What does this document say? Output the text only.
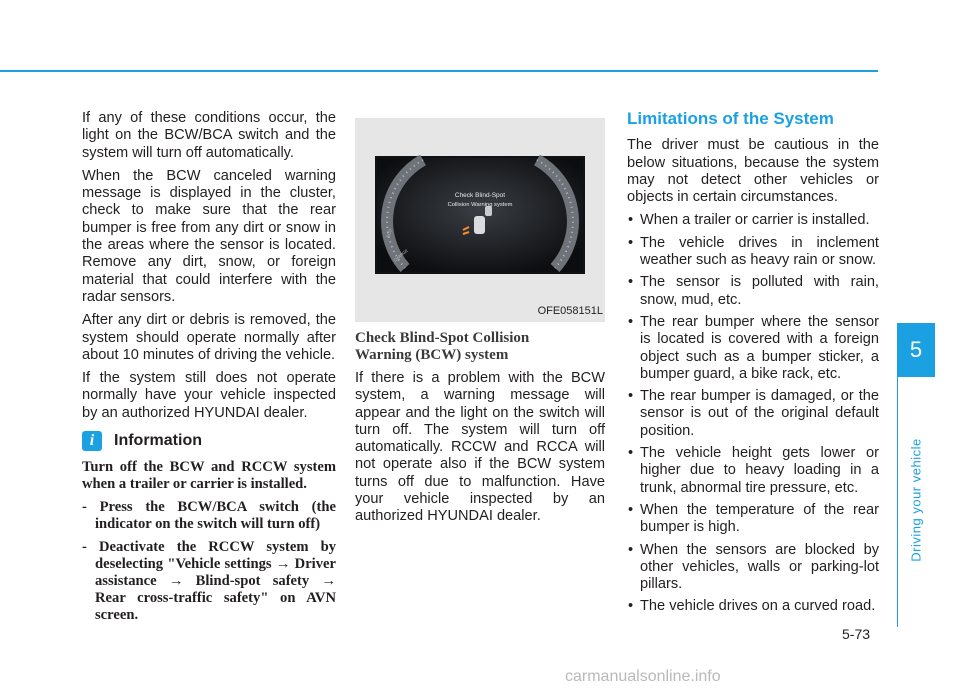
If any of these conditions occur, the light on the BCW/BCA switch and the system will turn off automatically.

When the BCW canceled warning message is displayed in the cluster, check to make sure that the rear bumper is free from any dirt or snow in the areas where the sensor is located. Remove any dirt, snow, or foreign material that could interfere with the radar sensors.

After any dirt or debris is removed, the system should operate normally after about 10 minutes of driving the vehicle.

If the system still does not operate normally have your vehicle inspected by an authorized HYUNDAI dealer.

i	Information

Turn off the BCW and RCCW system when a trailer or carrier is installed.

- Press the BCW/BCA switch (the indicator on the switch will turn off)
- Deactivate the RCCW system by deselecting "Vehicle settings → Driver assistance → Blind-spot safety → Rear cross-traffic safety" on AVN screen.
Check Blind-Spot
Collision Warning system
ECO
CHARGE
OFE058151L
Check Blind-Spot Collision
Warning (BCW) system

If there is a problem with the BCW system, a warning message will appear and the light on the switch will turn off. The system will turn off automatically. RCCW and RCCA will not operate also if the BCW system turns off due to malfunction. Have your vehicle inspected by an authorized HYUNDAI dealer.

Limitations of the System

The driver must be cautious in the below situations, because the system may not detect other vehicles or objects in certain circumstances.

• When a trailer or carrier is installed.
• The vehicle drives in inclement weather such as heavy rain or snow.
• The sensor is polluted with rain, snow, mud, etc.
• The rear bumper where the sensor is located is covered with a foreign object such as a bumper sticker, a bumper guard, a bike rack, etc.
• The rear bumper is damaged, or the sensor is out of the original default position.
• The vehicle height gets lower or higher due to heavy loading in a trunk, abnormal tire pressure, etc.
• When the temperature of the rear bumper is high.
• When the sensors are blocked by other vehicles, walls or parking-lot pillars.
• The vehicle drives on a curved road.
5
Driving your vehicle
5-73
carmanualsonline.info
